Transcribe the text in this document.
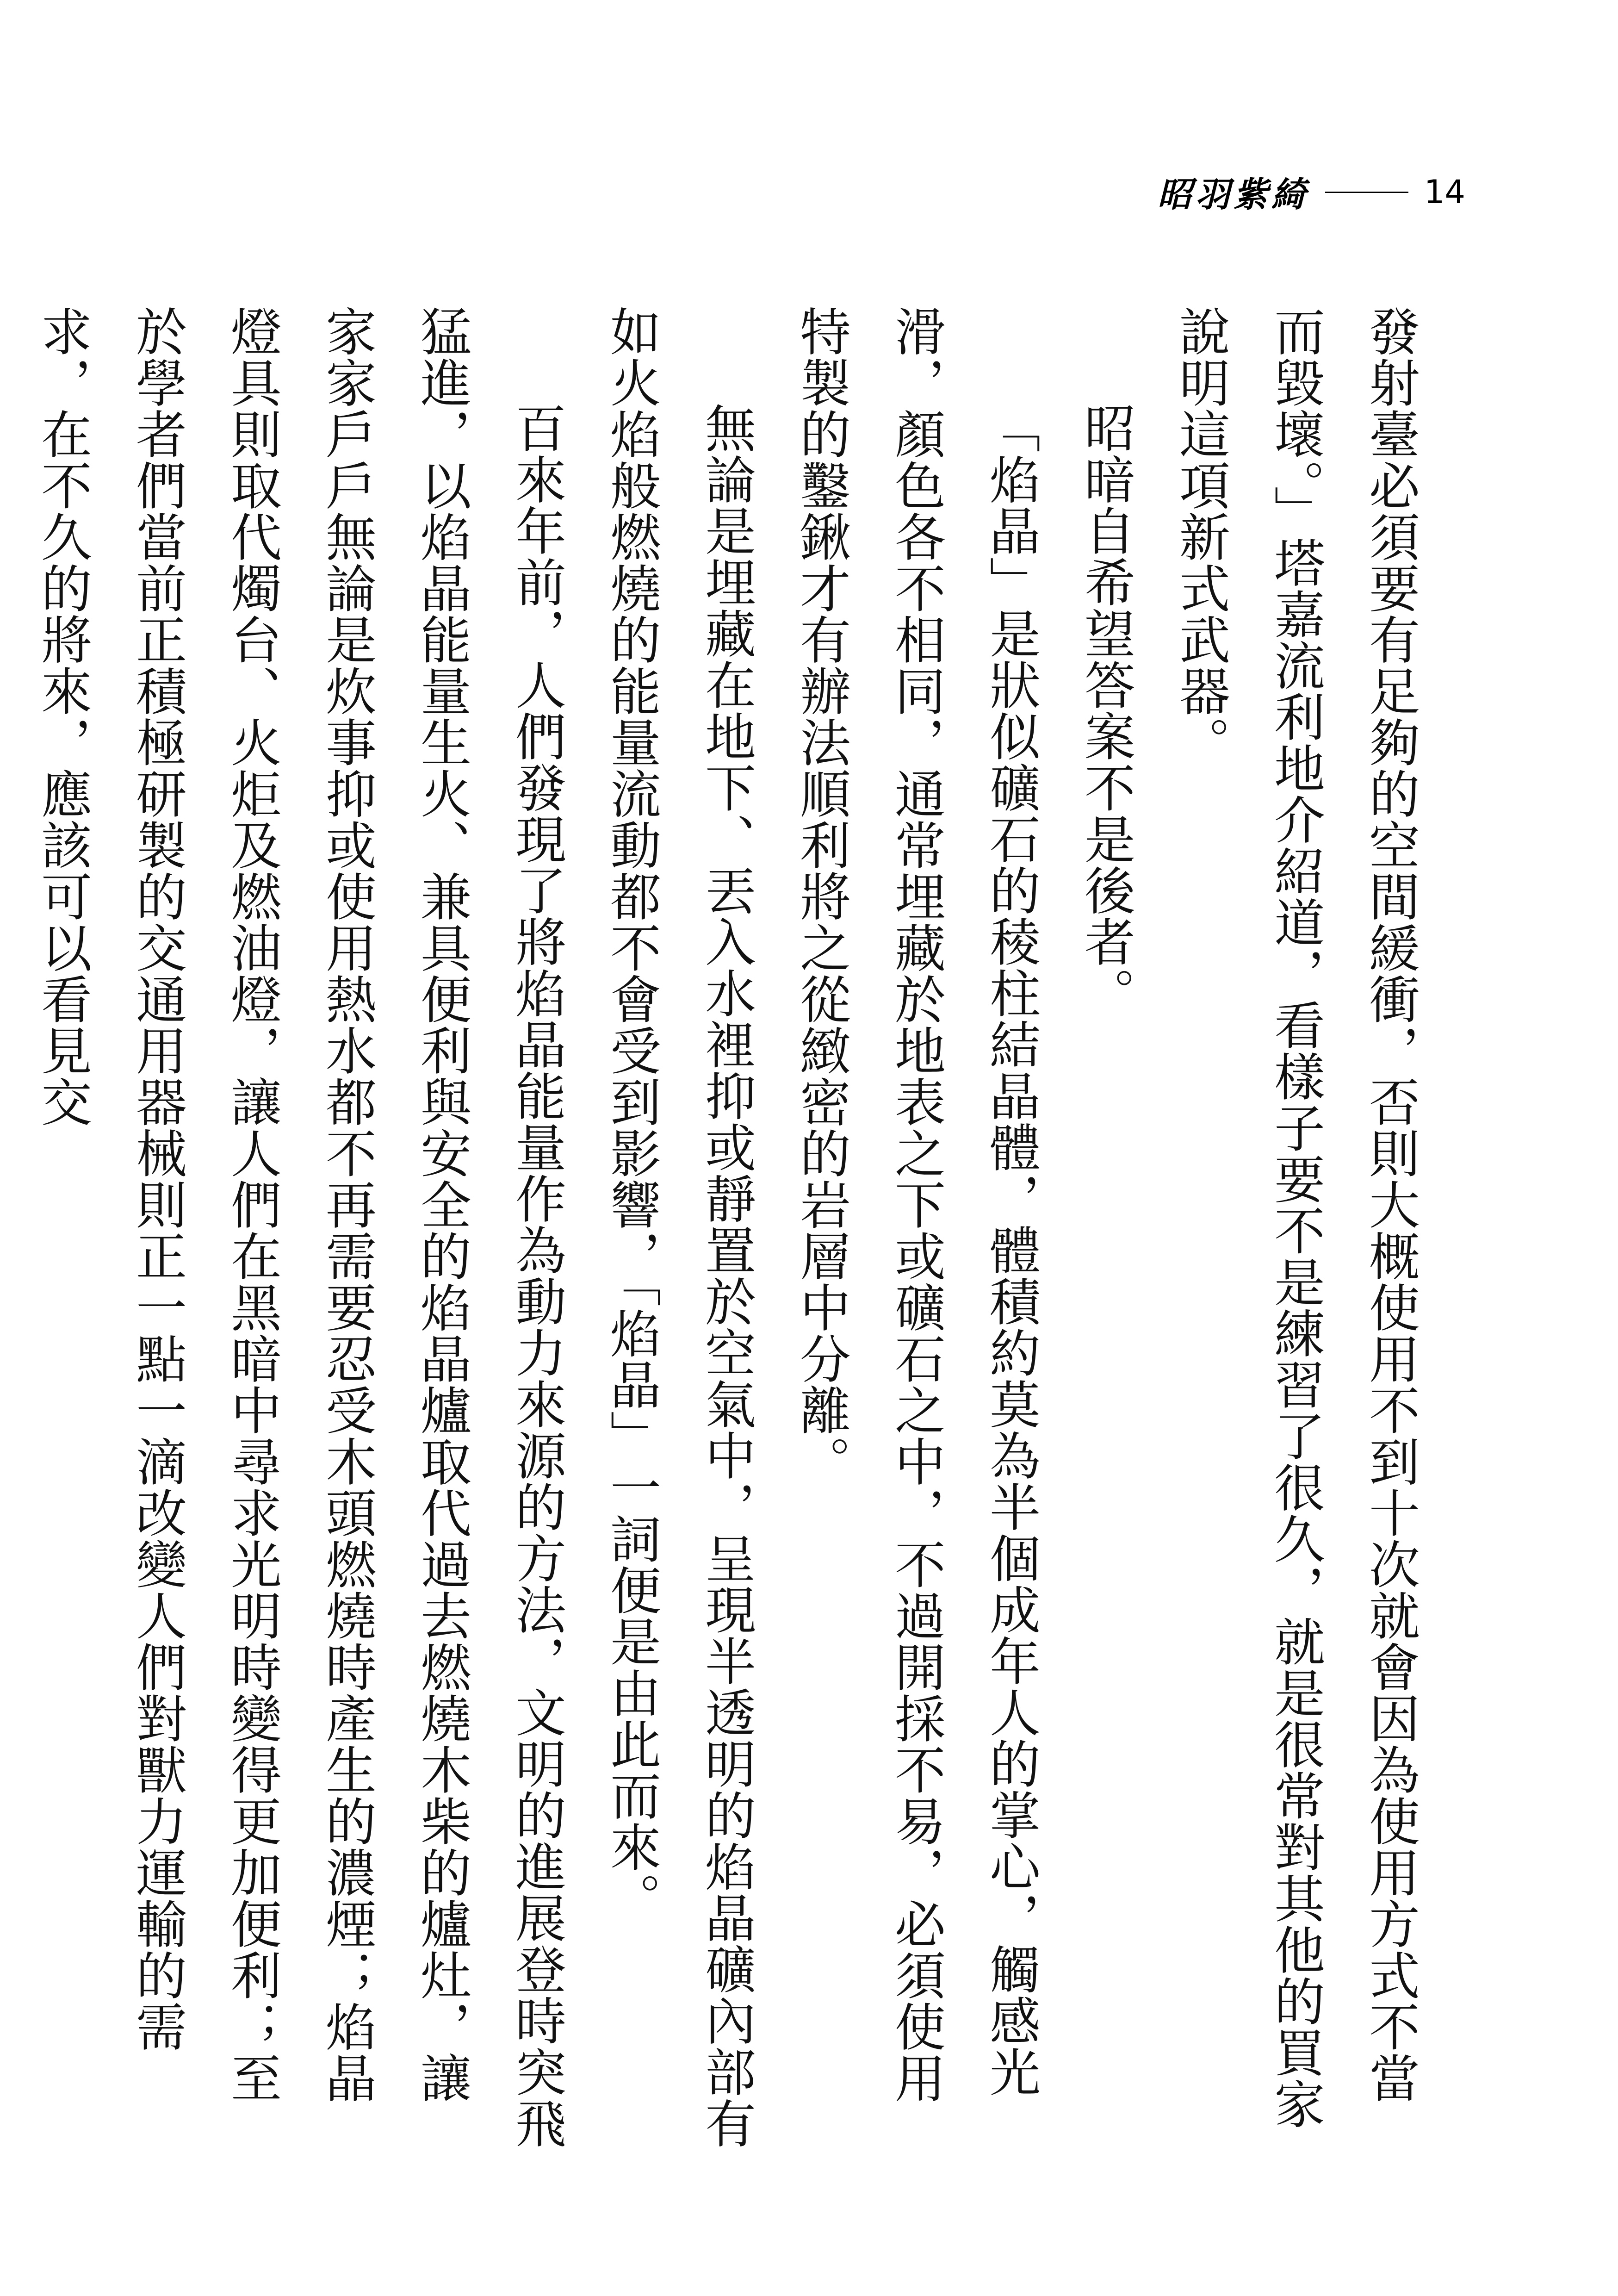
昭羽紫綺	14

發射臺必須要有足夠的空間緩衝，否則大概使用不到十次就會因為使用方式不當而毀壞。」塔嘉流利地介紹道，看樣子要不是練習了很久，就是很常對其他的買家說明這項新式武器。

昭暗自希望答案不是後者。

「焰晶」是狀似礦石的稜柱結晶體，體積約莫為半個成年人的掌心，觸感光滑，顏色各不相同，通常埋藏於地表之下或礦石之中，不過開採不易，必須使用特製的鑿鍬才有辦法順利將之從緻密的岩層中分離。

無論是埋藏在地下、丟入水裡抑或靜置於空氣中，呈現半透明的焰晶礦內部有如火焰般燃燒的能量流動都不會受到影響，「焰晶」一詞便是由此而來。

百來年前，人們發現了將焰晶能量作為動力來源的方法，文明的進展登時突飛猛進，以焰晶能量生火、兼具便利與安全的焰晶爐取代過去燃燒木柴的爐灶，讓家家戶戶無論是炊事抑或使用熱水都不再需要忍受木頭燃燒時產生的濃煙；焰晶燈具則取代燭台、火炬及燃油燈，讓人們在黑暗中尋求光明時變得更加便利；至於學者們當前正積極研製的交通用器械則正一點一滴改變人們對獸力運輸的需求，在不久的將來，應該可以看見交
